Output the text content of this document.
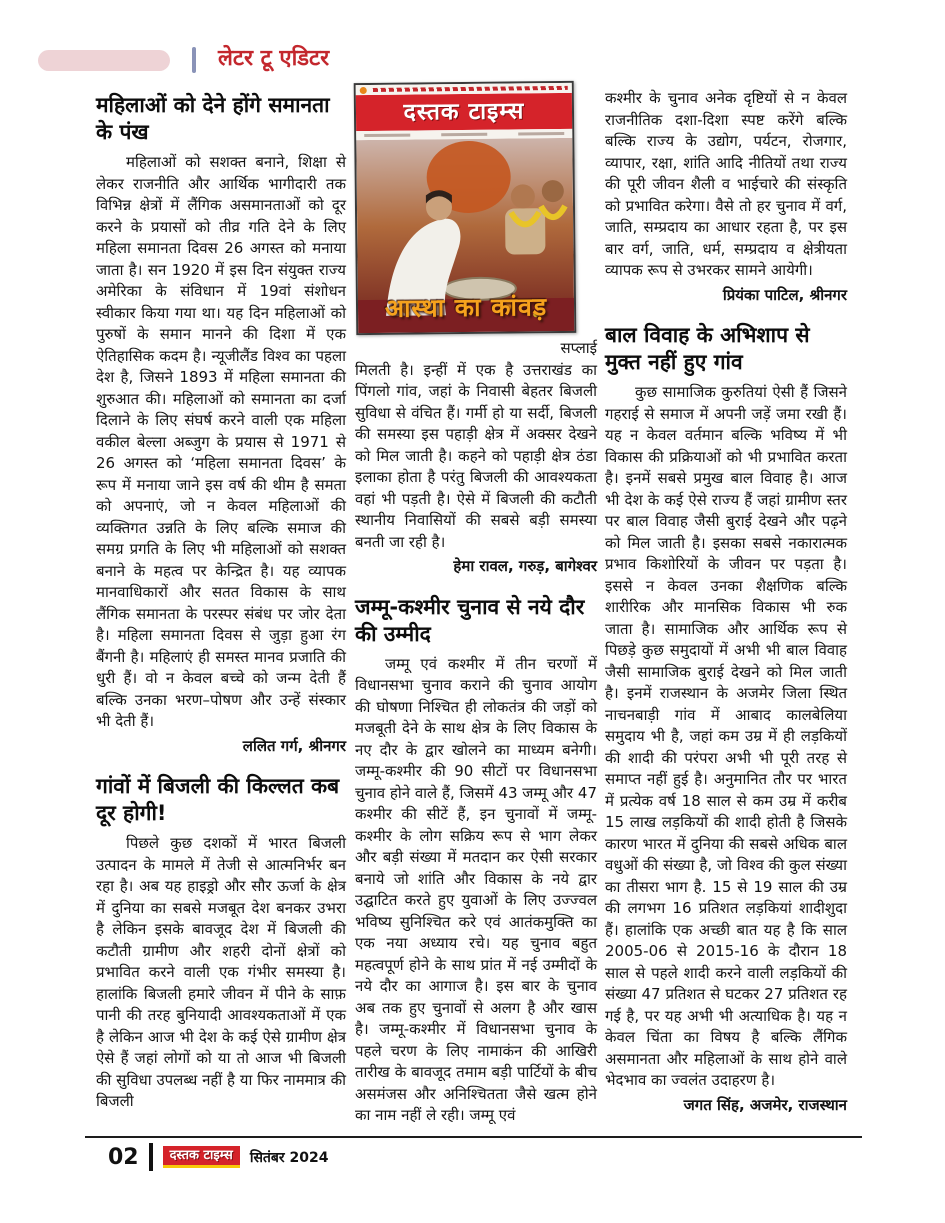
लेटर टू एडिटर
महिलाओं को देने होंगे समानता के पंख

महिलाओं को सशक्त बनाने, शिक्षा से लेकर राजनीति और आर्थिक भागीदारी तक विभिन्न क्षेत्रों में लैंगिक असमानताओं को दूर करने के प्रयासों को तीव्र गति देने के लिए महिला समानता दिवस 26 अगस्त को मनाया जाता है। सन 1920 में इस दिन संयुक्त राज्य अमेरिका के संविधान में 19वां संशोधन स्वीकार किया गया था। यह दिन महिलाओं को पुरुषों के समान मानने की दिशा में एक ऐतिहासिक कदम है। न्यूजीलैंड विश्व का पहला देश है, जिसने 1893 में महिला समानता की शुरुआत की। महिलाओं को समानता का दर्जा दिलाने के लिए संघर्ष करने वाली एक महिला वकील बेल्ला अब्जुग के प्रयास से 1971 से 26 अगस्त को ‘महिला समानता दिवस’ के रूप में मनाया जाने इस वर्ष की थीम है समता को अपनाएं, जो न केवल महिलाओं की व्यक्तिगत उन्नति के लिए बल्कि समाज की समग्र प्रगति के लिए भी महिलाओं को सशक्त बनाने के महत्व पर केन्द्रित है। यह व्यापक मानवाधिकारों और सतत विकास के साथ लैंगिक समानता के परस्पर संबंध पर जोर देता है। महिला समानता दिवस से जुड़ा हुआ रंग बैंगनी है। महिलाएं ही समस्त मानव प्रजाति की धुरी हैं। वो न केवल बच्चे को जन्म देती हैं बल्कि उनका भरण–पोषण और उन्हें संस्कार भी देती हैं।

ललित गर्ग, श्रीनगर

गांवों में बिजली की किल्लत कब दूर होगी!

पिछले कुछ दशकों में भारत बिजली उत्पादन के मामले में तेजी से आत्मनिर्भर बन रहा है। अब यह हाइड्रो और सौर ऊर्जा के क्षेत्र में दुनिया का सबसे मजबूत देश बनकर उभरा है लेकिन इसके बावजूद देश में बिजली की कटौती ग्रामीण और शहरी दोनों क्षेत्रों को प्रभावित करने वाली एक गंभीर समस्या है। हालांकि बिजली हमारे जीवन में पीने के साफ़ पानी की तरह बुनियादी आवश्यकताओं में एक है लेकिन आज भी देश के कई ऐसे ग्रामीण क्षेत्र ऐसे हैं जहां लोगों को या तो आज भी बिजली की सुविधा उपलब्ध नहीं है या फिर नाममात्र की बिजली

दस्तक टाइम्स
आस्था का कांवड़

सप्लाई

मिलती है। इन्हीं में एक है उत्तराखंड का पिंगलो गांव, जहां के निवासी बेहतर बिजली सुविधा से वंचित हैं। गर्मी हो या सर्दी, बिजली की समस्या इस पहाड़ी क्षेत्र में अक्सर देखने को मिल जाती है। कहने को पहाड़ी क्षेत्र ठंडा इलाका होता है परंतु बिजली की आवश्यकता वहां भी पड़ती है। ऐसे में बिजली की कटौती स्थानीय निवासियों की सबसे बड़ी समस्या बनती जा रही है।

हेमा रावल, गरुड़, बागेश्वर

जम्मू-कश्मीर चुनाव से नये दौर की उम्मीद

जम्मू एवं कश्मीर में तीन चरणों में विधानसभा चुनाव कराने की चुनाव आयोग की घोषणा निश्चित ही लोकतंत्र की जड़ों को मजबूती देने के साथ क्षेत्र के लिए विकास के नए दौर के द्वार खोलने का माध्यम बनेगी। जम्मू-कश्मीर की 90 सीटों पर विधानसभा चुनाव होने वाले हैं, जिसमें 43 जम्मू और 47 कश्मीर की सीटें हैं, इन चुनावों में जम्मू-कश्मीर के लोग सक्रिय रूप से भाग लेकर और बड़ी संख्या में मतदान कर ऐसी सरकार बनाये जो शांति और विकास के नये द्वार उद्घाटित करते हुए युवाओं के लिए उज्ज्वल भविष्य सुनिश्चित करे एवं आतंकमुक्ति का एक नया अध्याय रचे। यह चुनाव बहुत महत्वपूर्ण होने के साथ प्रांत में नई उम्मीदों के नये दौर का आगाज है। इस बार के चुनाव अब तक हुए चुनावों से अलग है और खास है। जम्मू-कश्मीर में विधानसभा चुनाव के पहले चरण के लिए नामाकंन की आखिरी तारीख के बावजूद तमाम बड़ी पार्टियों के बीच असमंजस और अनिश्चितता जैसे खत्म होने का नाम नहीं ले रही। जम्मू एवं

कश्मीर के चुनाव अनेक दृष्टियों से न केवल राजनीतिक दशा-दिशा स्पष्ट करेंगे बल्कि बल्कि राज्य के उद्योग, पर्यटन, रोजगार, व्यापार, रक्षा, शांति आदि नीतियों तथा राज्य की पूरी जीवन शैली व भाईचारे की संस्कृति को प्रभावित करेगा। वैसे तो हर चुनाव में वर्ग, जाति, सम्प्रदाय का आधार रहता है, पर इस बार वर्ग, जाति, धर्म, सम्प्रदाय व क्षेत्रीयता व्यापक रूप से उभरकर सामने आयेगी।

प्रियंका पाटिल, श्रीनगर

बाल विवाह के अभिशाप से मुक्त नहीं हुए गांव

कुछ सामाजिक कुरुतियां ऐसी हैं जिसने गहराई से समाज में अपनी जड़ें जमा रखी हैं। यह न केवल वर्तमान बल्कि भविष्य में भी विकास की प्रक्रियाओं को भी प्रभावित करता है। इनमें सबसे प्रमुख बाल विवाह है। आज भी देश के कई ऐसे राज्य हैं जहां ग्रामीण स्तर पर बाल विवाह जैसी बुराई देखने और पढ़ने को मिल जाती है। इसका सबसे नकारात्मक प्रभाव किशोरियों के जीवन पर पड़ता है। इससे न केवल उनका शैक्षणिक बल्कि शारीरिक और मानसिक विकास भी रुक जाता है। सामाजिक और आर्थिक रूप से पिछड़े कुछ समुदायों में अभी भी बाल विवाह जैसी सामाजिक बुराई देखने को मिल जाती है। इनमें राजस्थान के अजमेर जिला स्थित नाचनबाड़ी गांव में आबाद कालबेलिया समुदाय भी है, जहां कम उम्र में ही लड़कियों की शादी की परंपरा अभी भी पूरी तरह से समाप्त नहीं हुई है। अनुमानित तौर पर भारत में प्रत्येक वर्ष 18 साल से कम उम्र में करीब 15 लाख लड़कियों की शादी होती है जिसके कारण भारत में दुनिया की सबसे अधिक बाल वधुओं की संख्या है, जो विश्व की कुल संख्या का तीसरा भाग है. 15 से 19 साल की उम्र की लगभग 16 प्रतिशत लड़कियां शादीशुदा हैं। हालांकि एक अच्छी बात यह है कि साल 2005-06 से 2015-16 के दौरान 18 साल से पहले शादी करने वाली लड़कियों की संख्या 47 प्रतिशत से घटकर 27 प्रतिशत रह गई है, पर यह अभी भी अत्याधिक है। यह न केवल चिंता का विषय है बल्कि लैंगिक असमानता और महिलाओं के साथ होने वाले भेदभाव का ज्वलंत उदाहरण है।

जगत सिंह, अजमेर, राजस्थान

02	दस्तक टाइम्स	सितंबर 2024
